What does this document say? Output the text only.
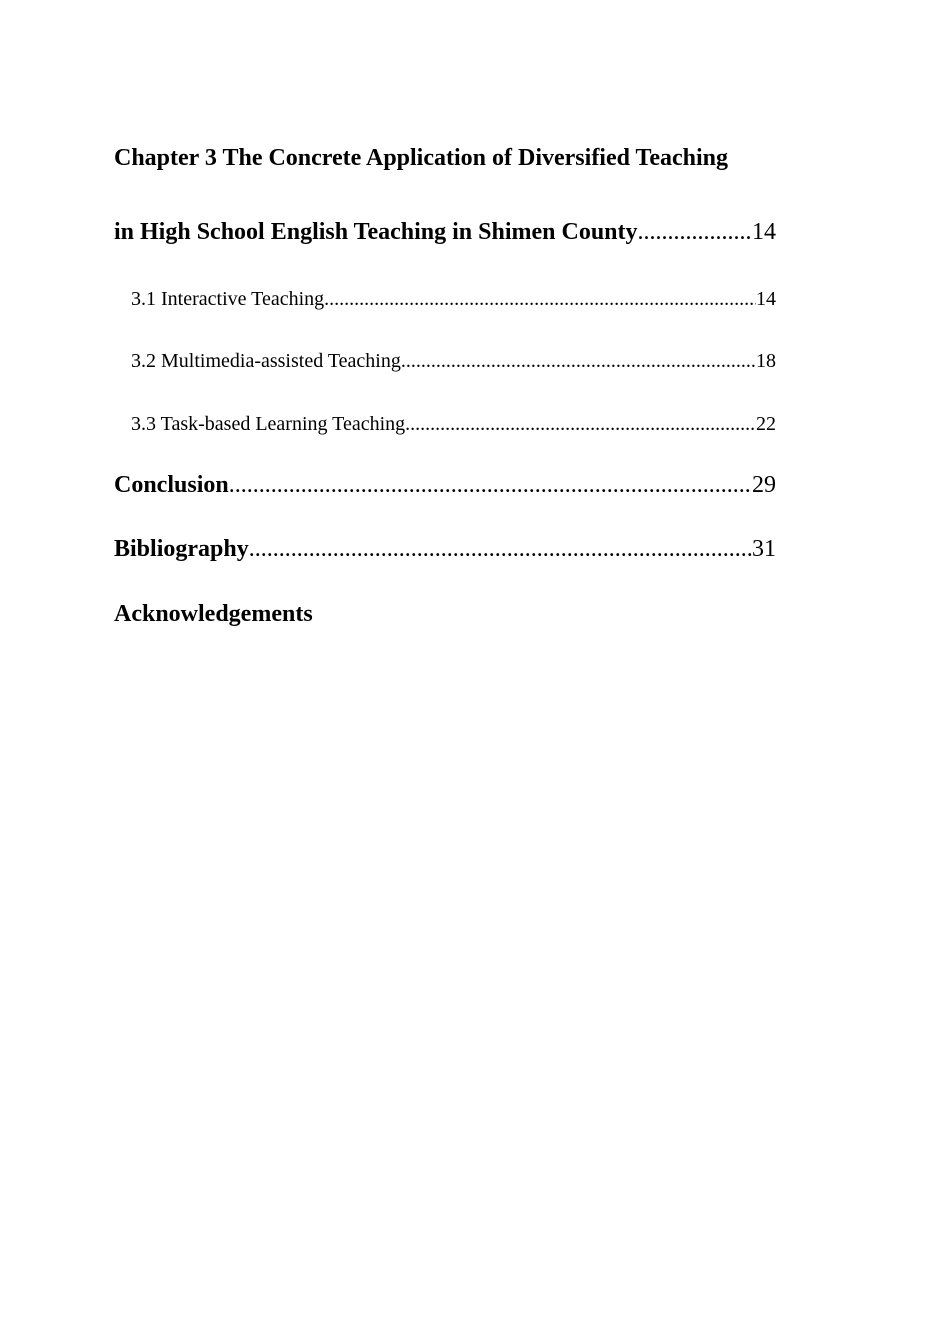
Chapter 3 The Concrete Application of Diversified Teaching
in High School English Teaching in Shimen County .....	14
3.1 Interactive Teaching .....	14
3.2 Multimedia-assisted Teaching .....	18
3.3 Task-based Learning Teaching .....	22
Conclusion .....	29
Bibliography .....	31
Acknowledgements
